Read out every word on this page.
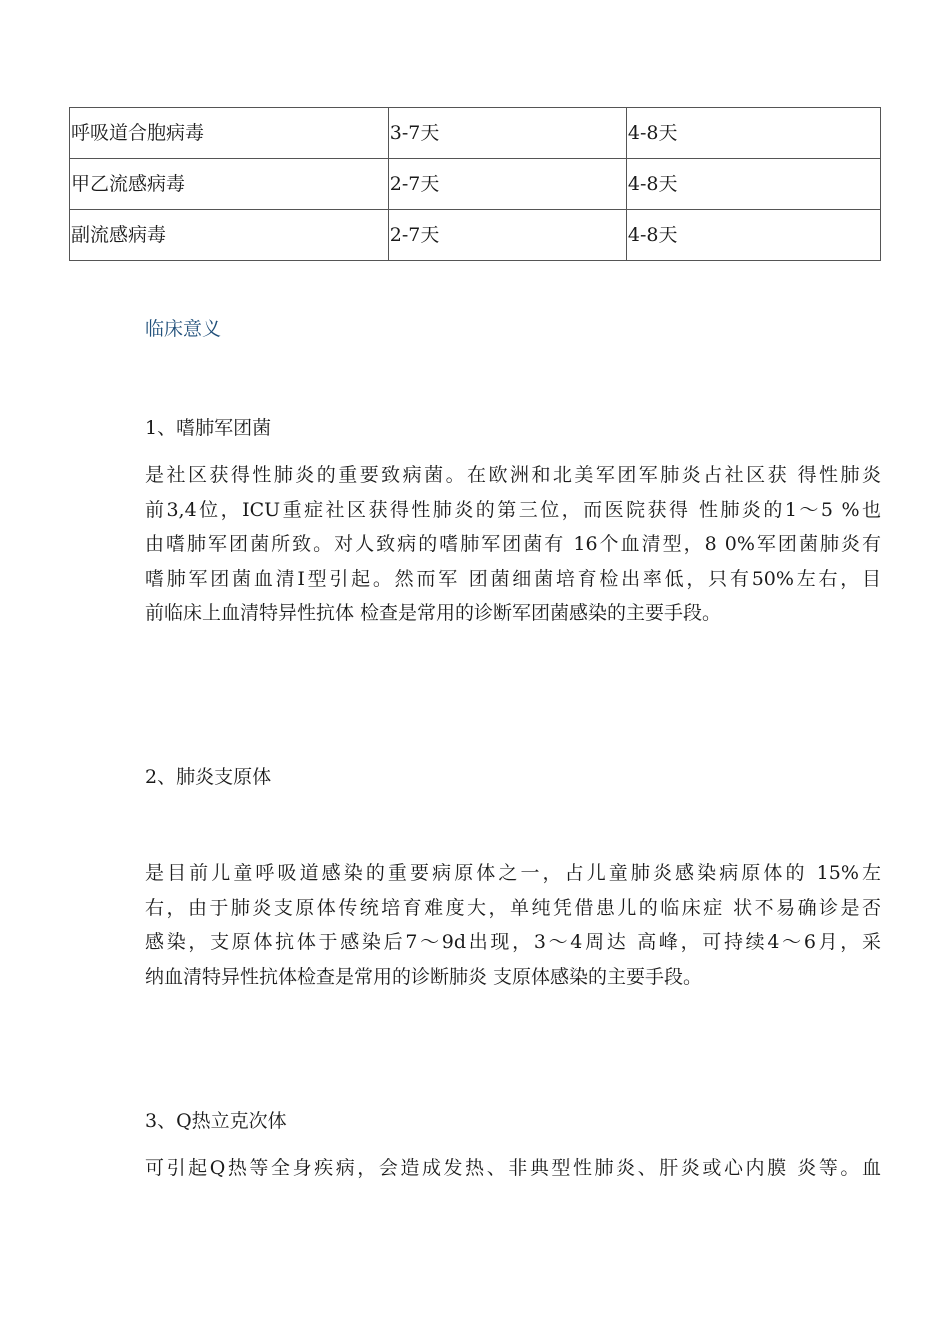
呼吸道合胞病毒	3-7天	4-8天
甲乙流感病毒	2-7天	4-8天
副流感病毒	2-7天	4-8天
临床意义
1、嗜肺军团菌
是社区获得性肺炎的重要致病菌。在欧洲和北美军团军肺炎占社区获 得性肺炎
前3,4位，ICU重症社区获得性肺炎的第三位，而医院获得 性肺炎的1〜5 %也
由嗜肺军团菌所致。对人致病的嗜肺军团菌有 16个血清型，8 0%军团菌肺炎有
嗜肺军团菌血清I型引起。然而军 团菌细菌培育检出率低，只有50%左右，目
前临床上血清特异性抗体 检查是常用的诊断军团菌感染的主要手段。
2、肺炎支原体
是目前儿童呼吸道感染的重要病原体之一，占儿童肺炎感染病原体的 15%左
右，由于肺炎支原体传统培育难度大，单纯凭借患儿的临床症 状不易确诊是否
感染，支原体抗体于感染后7〜9d出现，3〜4周达 高峰，可持续4〜6月，采
纳血清特异性抗体检查是常用的诊断肺炎 支原体感染的主要手段。
3、Q热立克次体
可引起Q热等全身疾病，会造成发热、非典型性肺炎、肝炎或心内膜 炎等。血
